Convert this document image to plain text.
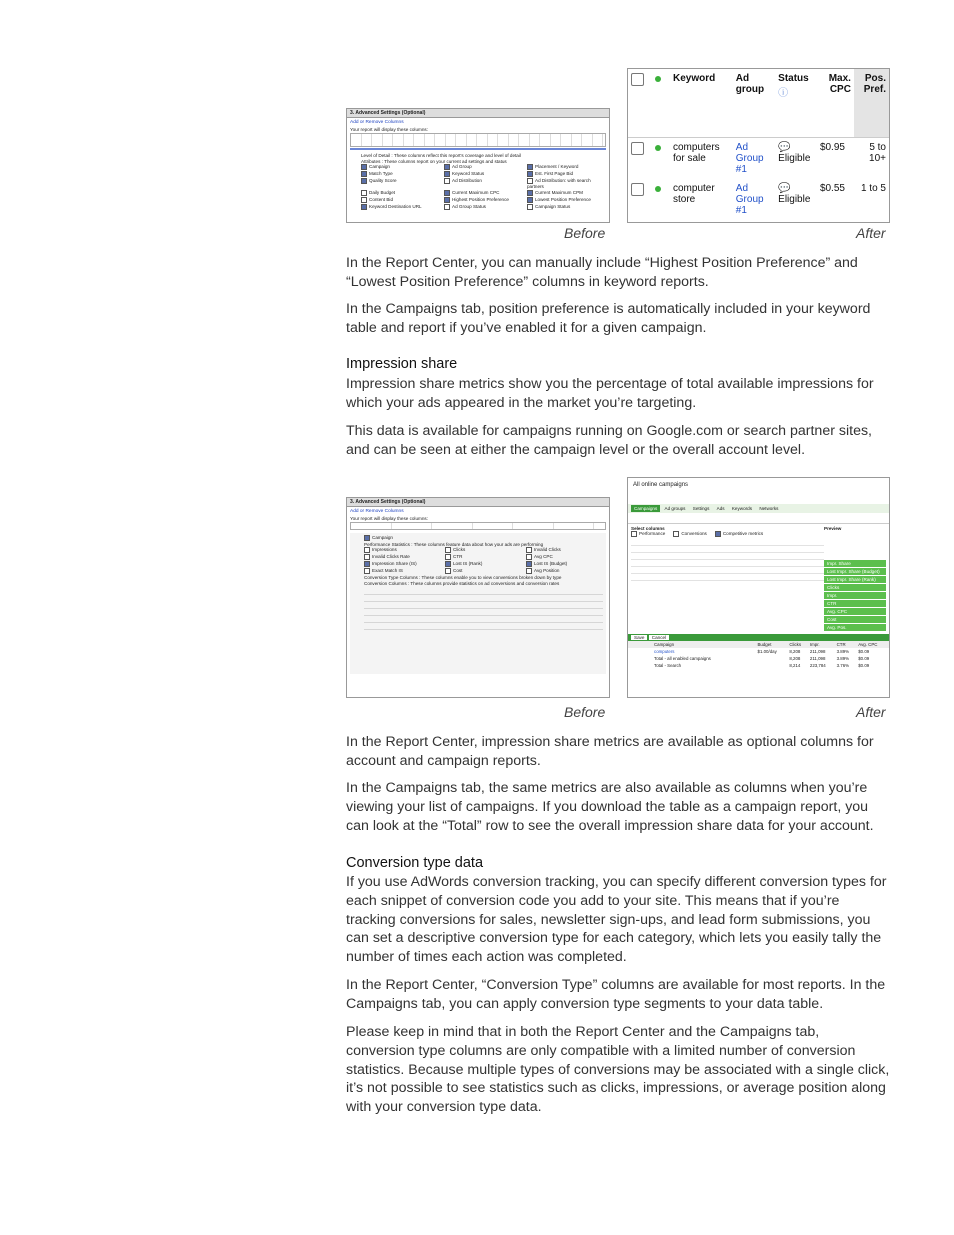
3. Advanced Settings (Optional)
Add or Remove Columns
Your report will display these columns:
Level of Detail : These columns reflect this report's coverage and level of detail
Attributes : These columns report on your current ad settings and status
Campaign	Ad Group	Placement / Keyword
Match Type	Keyword Status	Est. First Page Bid
Quality Score	Ad Distribution	Ad Distribution: with search partners
Daily Budget	Current Maximum CPC	Current Maximum CPM
Content Bid	Highest Position Preference	Lowest Position Preference
Keyword Destination URL	Ad Group Status	Campaign Status
		Keyword	Ad group	Status ⓘ	Max. CPC	Pos. Pref.
		computers for sale	Ad Group #1	💬Eligible	$0.95	5 to 10+
		computer store	Ad Group #1	💬Eligible	$0.55	1 to 5
Before	After
In the Report Center, you can manually include “Highest Position Preference” and “Lowest Position Preference” columns in keyword reports.
In the Campaigns tab, position preference is automatically included in your keyword table and report if you’ve enabled it for a given campaign.
Impression share
Impression share metrics show you the percentage of total available impressions for which your ads appeared in the market you’re targeting.
This data is available for campaigns running on Google.com or search partner sites, and can be seen at either the campaign level or the overall account level.
3. Advanced Settings (Optional)
Add or Remove Columns
Your report will display these columns:
Campaign
Performance Statistics : These columns feature data about how your ads are performing
Impressions	Clicks	Invalid Clicks
Invalid Clicks Rate	CTR	Avg CPC
Impression Share (IS)	Lost IS (Rank)	Lost IS (Budget)
Exact Match IS	Cost	Avg Position
Conversion Type Columns : These columns enable you to view conversions broken down by type
Conversion Columns : These columns provide statistics on ad conversions and conversion rates
All online campaigns
Campaigns Ad groups Settings Ads Keywords Networks
Select columns
Performance	Conversions	Competitive metrics
Preview
Impr. Share
Lost Impr. Share (Budget)
Lost Impr. Share (Rank)
Clicks
Impr.
CTR
Avg. CPC
Cost
Avg. Pos.
Save Cancel
Campaign	Budget	Clicks	Impr.	CTR	Avg. CPC
computers	$1.00/day	8,208	211,098	3.89%	$0.09
Total - all enabled campaigns		8,208	211,098	3.89%	$0.09
Total - Search		8,214	223,784	3.76%	$0.09
Before	After
In the Report Center, impression share metrics are available as optional columns for account and campaign reports.
In the Campaigns tab, the same metrics are also available as columns when you’re viewing your list of campaigns. If you download the table as a campaign report, you can look at the “Total” row to see the overall impression share data for your account.
Conversion type data
If you use AdWords conversion tracking, you can specify different conversion types for each snippet of conversion code you add to your site. This means that if you’re tracking conversions for sales, newsletter sign-ups, and lead form submissions, you can set a descriptive conversion type for each category, which lets you easily tally the number of times each action was completed.
In the Report Center, “Conversion Type” columns are available for most reports. In the Campaigns tab, you can apply conversion type segments to your data table.
Please keep in mind that in both the Report Center and the Campaigns tab, conversion type columns are only compatible with a limited number of conversion statistics. Because multiple types of conversions may be associated with a single click, it’s not possible to see statistics such as clicks, impressions, or average position along with your conversion type data.
